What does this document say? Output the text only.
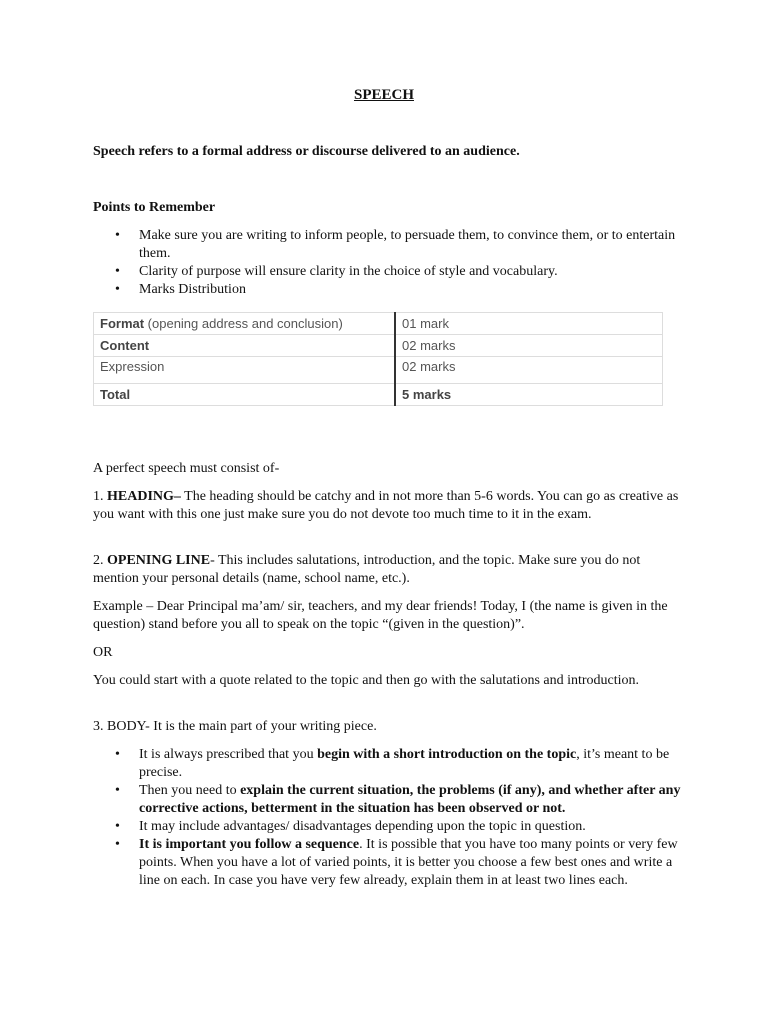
SPEECH
Speech refers to a formal address or discourse delivered to an audience.
Points to Remember
• Make sure you are writing to inform people, to persuade them, to convince them, or to entertain them.
• Clarity of purpose will ensure clarity in the choice of style and vocabulary.
• Marks Distribution
Format (opening address and conclusion)	01 mark
Content	02 marks
Expression	02 marks
Total	5 marks
A perfect speech must consist of-
1. HEADING– The heading should be catchy and in not more than 5-6 words. You can go as creative as you want with this one just make sure you do not devote too much time to it in the exam.
2. OPENING LINE- This includes salutations, introduction, and the topic. Make sure you do not mention your personal details (name, school name, etc.).
Example – Dear Principal ma’am/ sir, teachers, and my dear friends! Today, I (the name is given in the question) stand before you all to speak on the topic “(given in the question)”.
OR
You could start with a quote related to the topic and then go with the salutations and introduction.
3. BODY- It is the main part of your writing piece.
• It is always prescribed that you begin with a short introduction on the topic, it’s meant to be precise.
• Then you need to explain the current situation, the problems (if any), and whether after any corrective actions, betterment in the situation has been observed or not.
• It may include advantages/ disadvantages depending upon the topic in question.
• It is important you follow a sequence. It is possible that you have too many points or very few points. When you have a lot of varied points, it is better you choose a few best ones and write a line on each. In case you have very few already, explain them in at least two lines each.
